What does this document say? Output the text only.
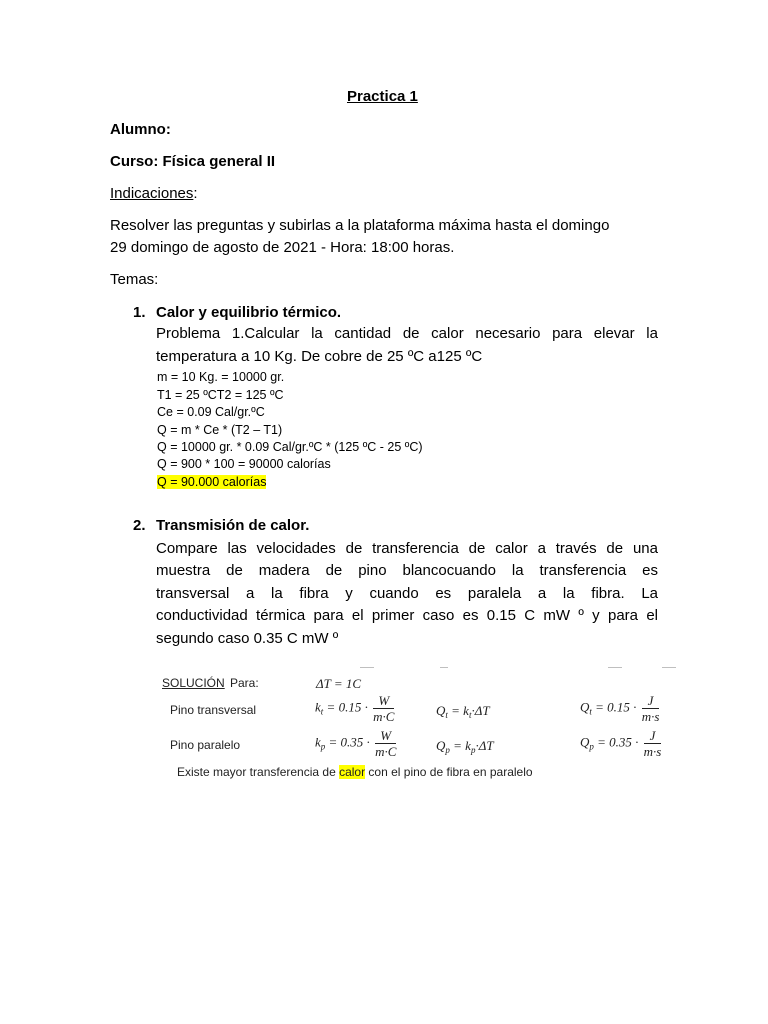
Practica 1

Alumno:

Curso: Física general II

Indicaciones:

Resolver las preguntas y subirlas a la plataforma máxima hasta el domingo

29 domingo de agosto de 2021 - Hora: 18:00 horas.

Temas:

1. Calor y equilibrio térmico.

Problema 1.Calcular la cantidad de calor necesario para elevar la

temperatura a 10 Kg. De cobre de 25 ºC a125 ºC

m = 10 Kg. = 10000 gr.

T1 = 25 ºCT2 = 125 ºC

Ce = 0.09 Cal/gr.ºC

Q = m * Ce * (T2 – T1)

Q = 10000 gr. * 0.09 Cal/gr.ºC * (125 ºC - 25 ºC)

Q = 900 * 100 = 90000 calorías

Q = 90.000 calorías

2. Transmisión de calor.

Compare las velocidades de transferencia de calor a través de una

muestra de madera de pino blancocuando la transferencia es

transversal a la fibra y cuando es paralela a la fibra. La

conductividad térmica para el primer caso es 0.15 C mW º y para el

segundo caso 0.35 C mW º

SOLUCIÓN Para:	ΔT = 1C
Pino transversal	$k_t = 0.15 \cdot \frac{W}{m\cdot C}$	$Q_t = k_t\cdot\Delta T$	$Q_t = 0.15 \cdot \frac{J}{m\cdot s}$
Pino paralelo	$k_p = 0.35 \cdot \frac{W}{m\cdot C}$	$Q_p = k_p\cdot\Delta T$	$Q_p = 0.35 \cdot \frac{J}{m\cdot s}$
Existe mayor transferencia de calor con el pino de fibra en paralelo
